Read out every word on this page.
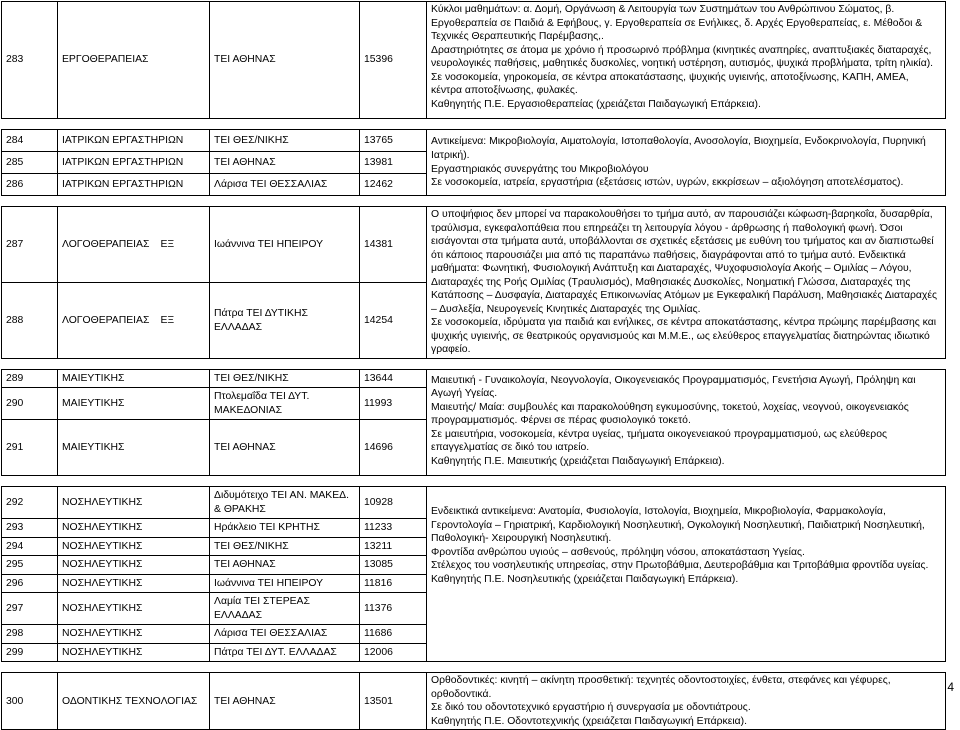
283	ΕΡΓΟΘΕΡΑΠΕΙΑΣ	ΤΕΙ ΑΘΗΝΑΣ	15396	Κύκλοι μαθημάτων: α. Δομή, Οργάνωση & Λειτουργία των Συστημάτων του Ανθρώπινου Σώματος, β. Εργοθεραπεία σε Παιδιά & Εφήβους, γ. Εργοθεραπεία σε Ενήλικες, δ. Αρχές Εργοθεραπείας, ε. Μέθοδοι & Τεχνικές Θεραπευτικής Παρέμβασης,.
Δραστηριότητες σε άτομα με χρόνιο ή προσωρινό πρόβλημα (κινητικές αναπηρίες, αναπτυξιακές διαταραχές, νευρολογικές παθήσεις, μαθητικές δυσκολίες, νοητική υστέρηση, αυτισμός, ψυχικά προβλήματα, τρίτη ηλικία).
Σε νοσοκομεία, γηροκομεία, σε κέντρα αποκατάστασης, ψυχικής υγιεινής, αποτοξίνωσης, ΚΑΠΗ, ΑΜΕΑ, κέντρα αποτοξίνωσης, φυλακές.
Καθηγητής Π.Ε. Εργασιοθεραπείας (χρειάζεται Παιδαγωγική Επάρκεια).

284	ΙΑΤΡΙΚΩΝ ΕΡΓΑΣΤΗΡΙΩΝ	ΤΕΙ ΘΕΣ/ΝΙΚΗΣ	13765	Αντικείμενα: Μικροβιολογία, Αιματολογία, Ιστοπαθολογία, Ανοσολογία, Βιοχημεία, Ενδοκρινολογία, Πυρηνική Ιατρική).
Εργαστηριακός συνεργάτης του Μικροβιολόγου
Σε νοσοκομεία, ιατρεία, εργαστήρια (εξετάσεις ιστών, υγρών, εκκρίσεων – αξιολόγηση αποτελέσματος).

285	ΙΑΤΡΙΚΩΝ ΕΡΓΑΣΤΗΡΙΩΝ	ΤΕΙ ΑΘΗΝΑΣ	13981	
286	ΙΑΤΡΙΚΩΝ ΕΡΓΑΣΤΗΡΙΩΝ	Λάρισα ΤΕΙ ΘΕΣΣΑΛΙΑΣ	12462	

287	ΛΟΓΟΘΕΡΑΠΕΙΑΣ ΕΞ	Ιωάννινα ΤΕΙ ΗΠΕΙΡΟΥ	14381	Ο υποψήφιος δεν μπορεί να παρακολουθήσει το τμήμα αυτό, αν παρουσιάζει κώφωση-βαρηκοΐα, δυσαρθρία, τραύλισμα, εγκεφαλοπάθεια που επηρεάζει τη λειτουργία λόγου - άρθρωσης ή παθολογική φωνή. Όσοι εισάγονται στα τμήματα αυτά, υποβάλλονται σε σχετικές εξετάσεις με ευθύνη του τμήματος και αν διαπιστωθεί ότι κάποιος παρουσιάζει μια από τις παραπάνω παθήσεις, διαγράφονται από το τμήμα αυτό. Ενδεικτικά μαθήματα: Φωνητική, Φυσιολογική Ανάπτυξη και Διαταραχές, Ψυχοφυσιολογία Ακοής – Ομιλίας – Λόγου, Διαταραχές της Ροής Ομιλίας (Τραυλισμός), Μαθησιακές Δυσκολίες, Νοηματική Γλώσσα, Διαταραχές της Κατάποσης – Δυσφαγία, Διαταραχές Επικοινωνίας Ατόμων με Εγκεφαλική Παράλυση, Μαθησιακές Διαταραχές – Δυσλεξία, Νευρογενείς Κινητικές Διαταραχές της Ομιλίας.
Σε νοσοκομεία, ιδρύματα για παιδιά και ενήλικες, σε κέντρα αποκατάστασης, κέντρα πρώιμης παρέμβασης και ψυχικής υγιεινής, σε θεατρικούς οργανισμούς και Μ.Μ.Ε., ως ελεύθερος επαγγελματίας διατηρώντας ιδιωτικό γραφείο.

288	ΛΟΓΟΘΕΡΑΠΕΙΑΣ ΕΞ	Πάτρα ΤΕΙ ΔΥΤΙΚΗΣ ΕΛΛΑΔΑΣ	14254	

289	ΜΑΙΕΥΤΙΚΗΣ	ΤΕΙ ΘΕΣ/ΝΙΚΗΣ	13644	Μαιευτική - Γυναικολογία, Νεογνολογία, Οικογενειακός Προγραμματισμός, Γενετήσια Αγωγή, Πρόληψη και Αγωγή Υγείας.
Μαιευτής/ Μαία: συμβουλές και παρακολούθηση εγκυμοσύνης, τοκετού, λοχείας, νεογνού, οικογενειακός προγραμματισμός. Φέρνει σε πέρας φυσιολογικό τοκετό.
Σε μαιευτήρια, νοσοκομεία, κέντρα υγείας, τμήματα οικογενειακού προγραμματισμού, ως ελεύθερος επαγγελματίας σε δικό του ιατρείο.
Καθηγητής Π.Ε. Μαιευτικής (χρειάζεται Παιδαγωγική Επάρκεια).

290	ΜΑΙΕΥΤΙΚΗΣ	Πτολεμαΐδα ΤΕΙ ΔΥΤ. ΜΑΚΕΔΟΝΙΑΣ	11993	
291	ΜΑΙΕΥΤΙΚΗΣ	ΤΕΙ ΑΘΗΝΑΣ	14696	

292	ΝΟΣΗΛΕΥΤΙΚΗΣ	Διδυμότειχο ΤΕΙ ΑΝ. ΜΑΚΕΔ. & ΘΡΑΚΗΣ	10928	Ενδεικτικά αντικείμενα: Ανατομία, Φυσιολογία, Ιστολογία, Βιοχημεία, Μικροβιολογία, Φαρμακολογία, Γεροντολογία – Γηριατρική, Καρδιολογική Νοσηλευτική, Ογκολογική Νοσηλευτική, Παιδιατρική Νοσηλευτική, Παθολογική- Χειρουργική Νοσηλευτική.
Φροντίδα ανθρώπου υγιούς – ασθενούς, πρόληψη νόσου, αποκατάσταση Υγείας.
Στέλεχος του νοσηλευτικής υπηρεσίας, στην Πρωτοβάθμια, Δευτεροβάθμια και Τριτοβάθμια φροντίδα υγείας.
Καθηγητής Π.Ε. Νοσηλευτικής (χρειάζεται Παιδαγωγική Επάρκεια).

293	ΝΟΣΗΛΕΥΤΙΚΗΣ	Ηράκλειο ΤΕΙ ΚΡΗΤΗΣ	11233	
294	ΝΟΣΗΛΕΥΤΙΚΗΣ	ΤΕΙ ΘΕΣ/ΝΙΚΗΣ	13211	
295	ΝΟΣΗΛΕΥΤΙΚΗΣ	ΤΕΙ ΑΘΗΝΑΣ	13085	
296	ΝΟΣΗΛΕΥΤΙΚΗΣ	Ιωάννινα ΤΕΙ ΗΠΕΙΡΟΥ	11816	
297	ΝΟΣΗΛΕΥΤΙΚΗΣ	Λαμία ΤΕΙ ΣΤΕΡΕΑΣ ΕΛΛΑΔΑΣ	11376	
298	ΝΟΣΗΛΕΥΤΙΚΗΣ	Λάρισα ΤΕΙ ΘΕΣΣΑΛΙΑΣ	11686	
299	ΝΟΣΗΛΕΥΤΙΚΗΣ	Πάτρα ΤΕΙ ΔΥΤ. ΕΛΛΑΔΑΣ	12006	

300	ΟΔΟΝΤΙΚΗΣ ΤΕΧΝΟΛΟΓΙΑΣ	ΤΕΙ ΑΘΗΝΑΣ	13501	Ορθοδοντικές: κινητή – ακίνητη προσθετική: τεχνητές οδοντοστοιχίες, ένθετα, στεφάνες και γέφυρες, ορθοδοντικά.
Σε δικό του οδοντοτεχνικό εργαστήριο ή συνεργασία με οδοντιάτρους.
Καθηγητής Π.Ε. Οδοντοτεχνικής (χρειάζεται Παιδαγωγική Επάρκεια).
4
